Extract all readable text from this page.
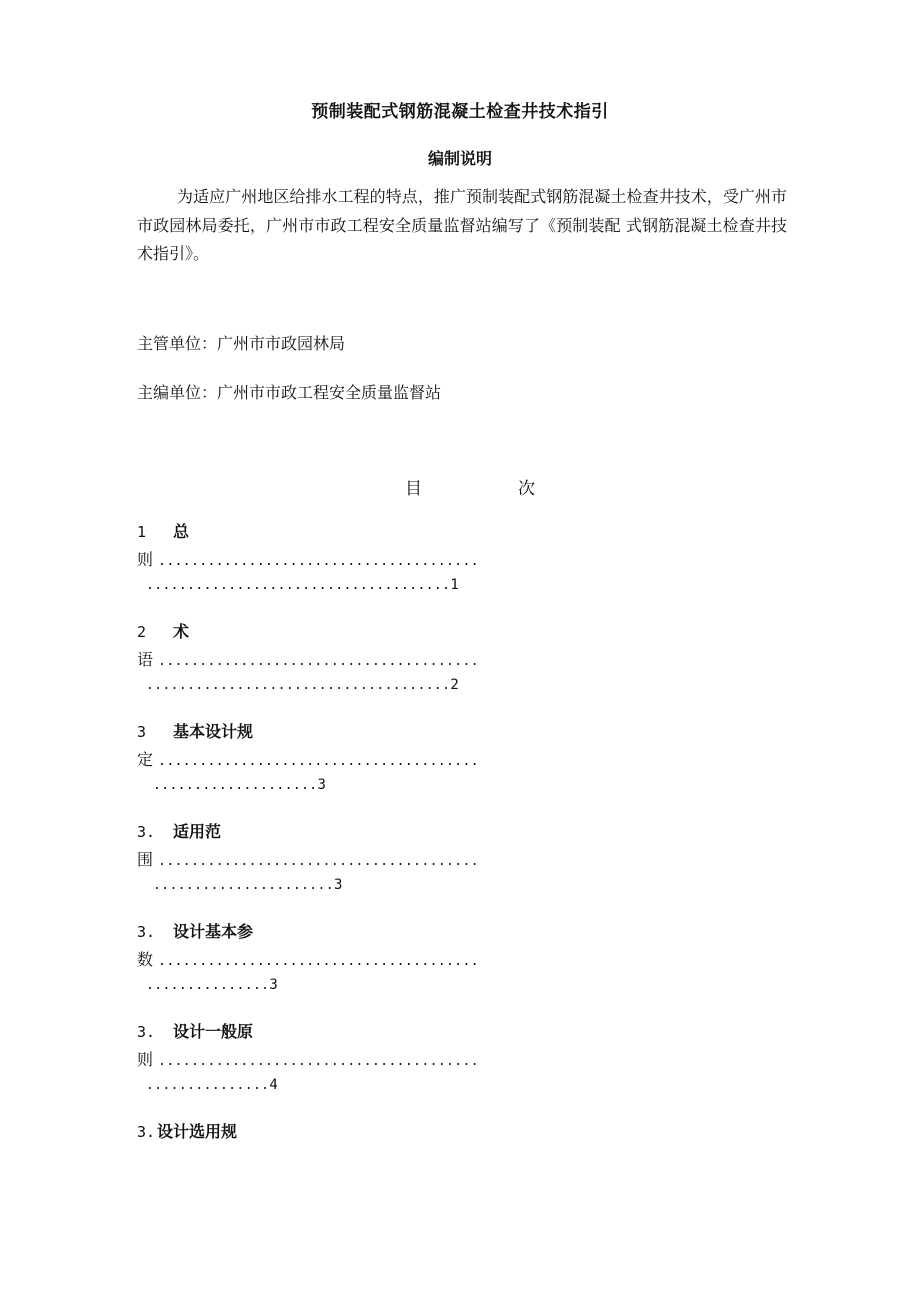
预制装配式钢筋混凝土检查井技术指引
编制说明
为适应广州地区给排水工程的特点，推广预制装配式钢筋混凝土检查井技术，受广州市市政园林局委托，广州市市政工程安全质量监督站编写了《预制装配 式钢筋混凝土检查井技术指引》。
主管单位：广州市市政园林局
主编单位：广州市市政工程安全质量监督站
目	次
1 总
则 .......................................
.....................................1
2 术
语 .......................................
.....................................2
3 基本设计规
定 .......................................
....................3
3. 适用范
围 .......................................
......................3
3. 设计基本参
数 .......................................
...............3
3. 设计一般原
则 .......................................
...............4
3. 设计选用规
